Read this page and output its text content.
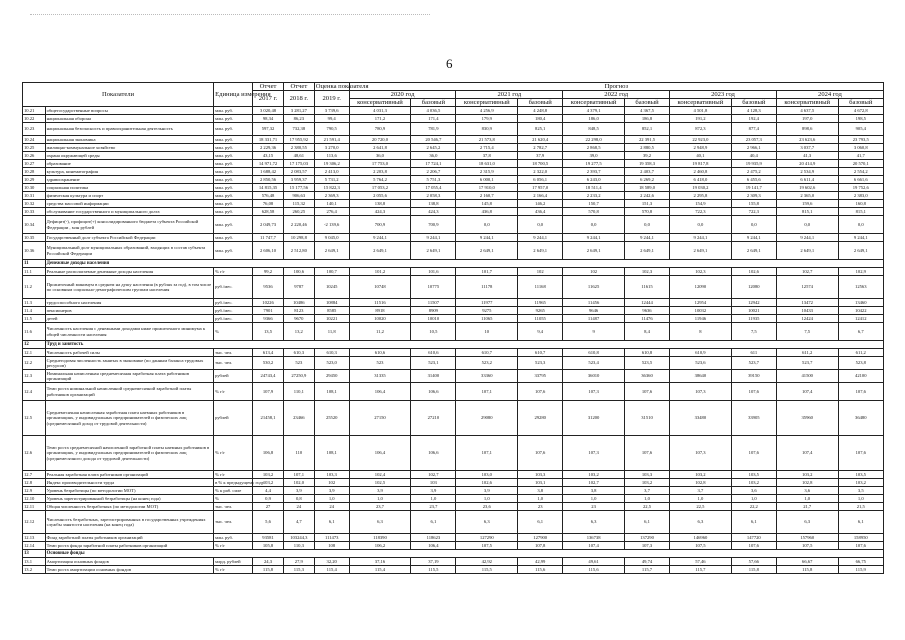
6
Показатели		Единица измерения	Отчет	Отчет	Оценка показателя	Прогноз									
			2017 г.	2018 г.	2019 г.	2020 год		2021 год		2022 год		2023 год		2024 год	
						консервативный	базовый	консервативный	базовый	консервативный	базовый	консервативный	базовый	консервативный	базовый
10.21	общегосударственные вопросы	млн. руб.	3 020,48	3 281,27	3 739,6	4 031,3	4 036,5	4 256,9	4 248,8	4 379,1	4 367,5	4 501,8	4 128,3	4 637,5	4 672,8
10.22	национальная оборона	млн. руб.	98,34	86,23	99,4	171,2	171,4	179,9	180,4	186,0	186,8	191,2	192,4	197,0	198,5
10.23	национальная безопасность и правоохранительная деятельность	млн. руб.	597,32	732,38	790,5	780,9	781,9	830,9	825,1	848,5	852,1	872,3	877,4	898,6	905,4
10.24	национальная экономика	млн. руб.	18 331,71	17 955,92	21 591,4	20 720,0	20 546,7	21 573,8	21 620,4	22 298,0	22 391,5	22 923,0	23 057,3	23 623,6	23 793,5
10.25	жилищно-коммунальное хозяйство	млн. руб.	2 229,36	2 380,55	3 270,0	2 641,8	2 645,2	2 715,4	2 782,7	2 868,5	2 880,5	2 948,9	2 966,1	3 037,7	3 060,8
10.26	охрана окружающей среды	млн. руб.	43,15	48,61	113,6	36,0	36,0	37,8	37,9	39,0	39,2	40,1	40,4	41,3	41,7
10.27	образование	млн. руб.	14 971,72	17 175,03	19 306,2	17 753,0	17 724,1	18 631,0	18 700,5	19 277,5	19 358,3	19 817,8	19 935,9	20 414,9	20 570,1
10.28	культура, кинематография	млн. руб.	1 688,42	2 083,57	2 413,0	2 203,8	2 206,7	2 315,9	2 322,0	2 393,7	2 403,7	2 460,8	2 475,2	2 534,9	2 554,2
10.29	здравоохранение	млн. руб.	2 850,56	3 959,37	5 731,2	5 764,2	5 751,3	6 000,1	6 056,1	6 243,0	6 269,2	6 418,0	6 455,6	6 611,4	6 661,6
10.30	социальная политика	млн. руб.	14 815,35	15 177,56	15 822,3	17 053,2	17 055,4	17 910,0	17 957,0	18 511,4	18 589,0	19 030,2	19 141,7	19 602,6	19 752,6
10.31	физическая культура и спорт	млн. руб.	576,48	906,63	2 369,3	2 055,6	2 058,3	2 160,7	2 166,4	2 233,2	2 242,6	2 295,8	2 309,3	2 365,0	2 383,0
10.32	средства массовой информации	млн. руб.	76,08	115,32	140,1	138,8	138,8	145,8	146,2	150,7	151,3	154,9	155,8	159,6	160,8
10.33	обслуживание государственного и муниципального долга	млн. руб.	628,58	260,25	276,4	424,3	424,3	436,8	436,4	570,8	570,8	722,3	722,3	815,1	815,1
10.34	Дефицит(-), профицит(+) консолидированного бюджета субъекта Российской Федерации , млн рублей	млн. руб.	2 049,73	2 220,46	-2 139,6	700,9	700,9	0,0	0,0	0,0	0,0	0,0	0,0	0,0	0,0
10.35	Государственный долг субъекта Российской Федерации	млн. руб.	11 747,7	10 298,8	9 045,0	9 244,1	9 244,1	9 244,1	9 244,1	9 244,1	9 244,1	9 244,1	9 244,1	9 244,1	9 244,1
10.36	Муниципальный долг муниципальных образований, входящих в состав субъекта Российской Федерации	млн. руб.	2 606,10	2 512,80	2 649,1	2 649,1	2 649,1	2 649,1	2 649,1	2 649,1	2 649,1	2 649,1	2 649,1	2 649,1	2 649,1
11	Денежные доходы населения														
11.1	Реальные располагаемые денежные доходы населения	% г/г	99,2	100,6	100,7	101,2	101,6	101,7	102	102	102,3	102,3	102,6	102,7	102,9
11.2	Прожиточный минимум в среднем на душу населения (в рублях за год), в том числе по основным социально-демографическим группам населения	руб./мес.	9536	9787	10245	10748	10775	11178	11168	11625	11615	12090	12080	12574	12563
11.3	трудоспособного населения	руб./мес.	10226	10486	10884	11516	11507	11977	11965	11456	12444	12954	12942	13472	13460
11.4	пенсионеров	руб./мес.	7901	8123	8585	8918	8909	9275	9265	9646	9636	10032	10021	10433	10422
11.5	детей	руб./мес.	9366	9670	10221	10020	10010	11065	11055	11487	11476	11946	11935	12424	12412
11.6	Численность населения с денежными доходами ниже прожиточного минимума к общей численности населения	%	13,5	13,2	11,8	11,2	10,5	10	9,4	9	8,4	8	7,5	7,5	6,7
12	Труд и занятость														
12.1	Численность рабочей силы	тыс. чел.	613,4	610,3	610,3	610,6	610,6	610,7	610,7	610,8	610,8	610,9	611	611,2	611,2
12.2	Среднегодовая численность занятых в экономике (по данным баланса трудовых ресурсов)	тыс. чел.	530,2	523	523,0	523	523,1	523,2	523,3	523,4	523,5	523,6	523,7	523,7	523,8
12.3	Номинальная начисленная среднемесячная заработная плата работников организаций	рублей	24743,4	27250,9	29450	31335	31400	33360	33795	36010	36360	38640	39150	41500	42100
12.4	Темп роста номинальной начисленной среднемесячной заработной платы работников организаций	% г/г	107,9	110,1	108,1	106,4	106,6	107,1	107,6	107,3	107,6	107,3	107,6	107,4	107,6
12.5	Среднемесячная начисленная заработная плата наемных работников в организациях, у индивидуальных предпринимателей и физических лиц (среднемесячный доход от трудовой деятельности)	рублей	21458,1	23466	25520	27150	27210	29080	29280	31200	31510	33480	33905	35960	36480
12.6	Темп роста среднемесячной начисленной заработной платы наемных работников в организациях, у индивидуальных предпринимателей и физических лиц (среднемесячного дохода от трудовой деятельности)	% г/г	106,8	110	108,1	106,4	106,6	107,1	107,6	107,3	107,6	107,3	107,6	107,4	107,6
12.7	Реальная заработная плата работников организаций	% г/г	103,2	107,1	103,3	102,4	102,7	103,0	103,3	103,2	103,3	103,2	103,5	103,2	103,5
12.8	Индекс производительности труда	в % к предыдущему году	103,2	102,0	102	102,5	103	102,6	103,1	102,7	103,2	102,8	103,2	102,8	103,2
12.9	Уровень безработицы (по методологии МОТ)	% к раб. силе	4,4	3,9	3,9	3,9	3,9	3,9	3,8	3,8	3,7	3,7	3,6	3,6	3,5
12.10	Уровень зарегистрированной безработицы (на конец года)	%	0,9	0,8	1,0	1,0	1,0	1,0	1,0	1,0	1,0	1,0	1,0	1,0	1,0
12.11	Общая численность безработных (по методологии МОТ)	тыс. чел.	27	24	24	23,7	23,7	23,6	23	23	22,5	22,5	22,2	21,7	21,5
12.12	Численность безработных, зарегистрированных в государственных учреждениях службы занятости населения (на конец года)	тыс. чел.	5,6	4,7	6,1	6,3	6,1	6,3	6,1	6,3	6,1	6,3	6,1	6,3	6,1
12.13	Фонд заработной платы работников организаций	млн. руб.	93581	103244,3	111473	118390	118623	127290	127900	136738	137290	146960	147720	157960	158950
12.14	Темп роста фонда заработной платы работников организаций	% г/г	105,8	110,3	108	106,2	106,4	107,5	107,8	107,4	107,3	107,5	107,6	107,5	107,6
13	Основные фонды														
13.1	Амортизация основных фондов	млрд. рублей	24,3	27,9	32,20	37,16	37,19	42,92	42,99	49,61	49,74	57,46	57,66	66,67	66,75
13.2	Темп роста амортизации основных фондов	% г/г	115,8	115,3	115,4	115,4	115,5	115,5	115,6	115,6	115,7	115,7	115,8	115,8	115,9
